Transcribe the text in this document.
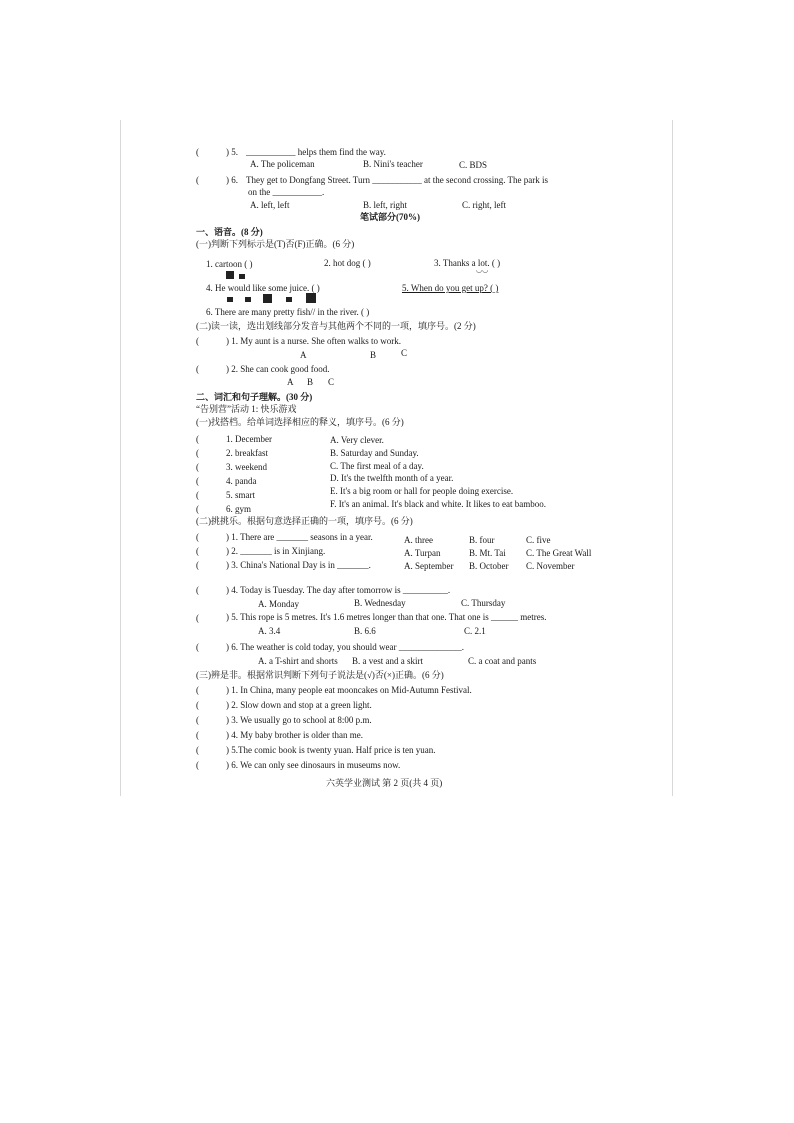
(	) 5. ___________ helps them find the way.
A. The policeman	B. Nini's teacher	C. BDS
(	) 6. They get to Dongfang Street. Turn ___________ at the second crossing. The park is
on the ___________.
A. left, left	B. left, right	C. right, left
笔试部分(70%)
一、语音。(8 分)
(一)判断下列标示是(T)否(F)正确。(6 分)
1. cartoon ( )	2. hot dog ( )	3. Thanks a lot. ( )
◡◡
4. He would like some juice. ( )	5. When do you get up? ( )
6. There are many pretty fish// in the river. ( )
(二)读一读，选出划线部分发音与其他两个不同的一项，填序号。(2 分)
(	) 1. My aunt is a nurse. She often walks to work.
A	B	C
(	) 2. She can cook good food.
A B C
二、词汇和句子理解。(30 分)
“告别营”活动 1: 快乐游戏
(一)找搭档。给单词选择相应的释义，填序号。(6 分)
(	1. December
(	2. breakfast
(	3. weekend
(	4. panda
(	5. smart
(	6. gym
A. Very clever.
B. Saturday and Sunday.
C. The first meal of a day.
D. It's the twelfth month of a year.
E. It's a big room or hall for people doing exercise.
F. It's an animal. It's black and white. It likes to eat bamboo.
(二)挑挑乐。根据句意选择正确的一项，填序号。(6 分)
(	) 1. There are _______ seasons in a year.	A. three	B. four	C. five
(	) 2. _______ is in Xinjiang.	A. Turpan	B. Mt. Tai C. The Great Wall
(	) 3. China's National Day is in _______.	A. September B. October C. November
(	) 4. Today is Tuesday. The day after tomorrow is __________.
A. Monday	B. Wednesday	C. Thursday
(	) 5. This rope is 5 metres. It's 1.6 metres longer than that one. That one is ______ metres.
A. 3.4	B. 6.6	C. 2.1
(	) 6. The weather is cold today, you should wear ______________.
A. a T-shirt and shorts B. a vest and a skirt	C. a coat and pants
(三)辨是非。根据常识判断下列句子说法是(√)否(×)正确。(6 分)
(	) 1. In China, many people eat mooncakes on Mid-Autumn Festival.
(	) 2. Slow down and stop at a green light.
(	) 3. We usually go to school at 8:00 p.m.
(	) 4. My baby brother is older than me.
(	) 5.The comic book is twenty yuan. Half price is ten yuan.
(	) 6. We can only see dinosaurs in museums now.
六英学业测试 第 2 页(共 4 页)
